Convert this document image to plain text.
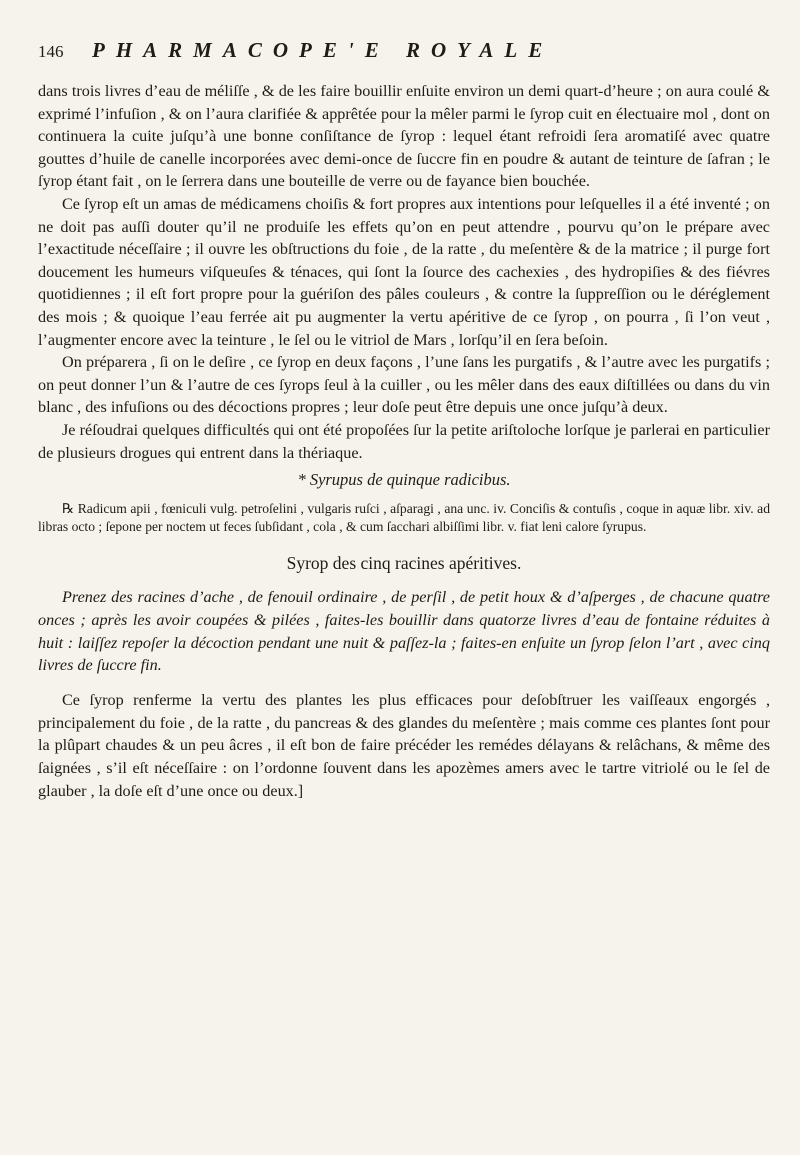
146	PHARMACOPE'E ROYALE

dans trois livres d’eau de méliſſe , & de les faire bouillir enſuite environ un demi quart-d’heure ; on aura coulé & exprimé l’infuſion , & on l’aura clarifiée & apprêtée pour la mêler parmi le ſyrop cuit en électuaire mol , dont on continuera la cuite juſqu’à une bonne conſiſtance de ſyrop : lequel étant refroidi ſera aromatiſé avec quatre gouttes d’huile de canelle incorporées avec demi-once de ſuccre fin en poudre & autant de teinture de ſafran ; le ſyrop étant fait , on le ſerrera dans une bouteille de verre ou de fayance bien bouchée.

Ce ſyrop eſt un amas de médicamens choiſis & fort propres aux intentions pour leſquelles il a été inventé ; on ne doit pas auſſi douter qu’il ne produiſe les effets qu’on en peut attendre , pourvu qu’on le prépare avec l’exactitude néceſſaire ; il ouvre les obſtructions du foie , de la ratte , du meſentère & de la matrice ; il purge fort doucement les humeurs viſqueuſes & ténaces, qui ſont la ſource des cachexies , des hydropiſies & des fiévres quotidiennes ; il eſt fort propre pour la guériſon des pâles couleurs , & contre la ſuppreſſion ou le déréglement des mois ; & quoique l’eau ferrée ait pu augmenter la vertu apéritive de ce ſyrop , on pourra , ſi l’on veut , l’augmenter encore avec la teinture , le ſel ou le vitriol de Mars , lorſqu’il en ſera beſoin.

On préparera , ſi on le deſire , ce ſyrop en deux façons , l’une ſans les purgatifs , & l’autre avec les purgatifs ; on peut donner l’un & l’autre de ces ſyrops ſeul à la cuiller , ou les mêler dans des eaux diſtillées ou dans du vin blanc , des infuſions ou des décoctions propres ; leur doſe peut être depuis une once juſqu’à deux.

Je réſoudrai quelques difficultés qui ont été propoſées ſur la petite ariſtoloche lorſque je parlerai en particulier de plusieurs drogues qui entrent dans la thériaque.

* Syrupus de quinque radicibus.

℞ Radicum apii , fœniculi vulg. petroſelini , vulgaris ruſci , aſparagi , ana unc. iv. Conciſis & contuſis , coque in aquæ libr. xiv. ad libras octo ; ſepone per noctem ut feces ſubſidant , cola , & cum ſacchari albiſſimi libr. v. fiat leni calore ſyrupus.

Syrop des cinq racines apéritives.

Prenez des racines d’ache , de fenouil ordinaire , de perſil , de petit houx & d’aſperges , de chacune quatre onces ; après les avoir coupées & pilées , faites-les bouillir dans quatorze livres d’eau de fontaine réduites à huit : laiſſez repoſer la décoction pendant une nuit & paſſez-la ; faites-en enſuite un ſyrop ſelon l’art , avec cinq livres de ſuccre fin.

Ce ſyrop renferme la vertu des plantes les plus efficaces pour deſobſtruer les vaiſſeaux engorgés , principalement du foie , de la ratte , du pancreas & des glandes du meſentère ; mais comme ces plantes ſont pour la plûpart chaudes & un peu âcres , il eſt bon de faire précéder les remédes délayans & relâchans, & même des ſaignées , s’il eſt néceſſaire : on l’ordonne ſouvent dans les apozèmes amers avec le tartre vitriolé ou le ſel de glauber , la doſe eſt d’une once ou deux.]
